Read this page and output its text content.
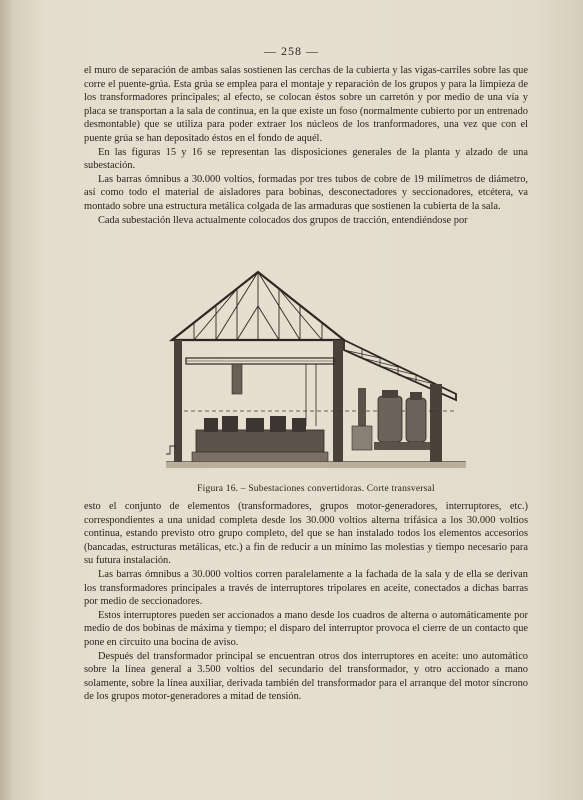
— 258 —

el muro de separación de ambas salas sostienen las cerchas de la cubierta y las vigas-carriles sobre las que corre el puente-grúa. Esta grúa se emplea para el montaje y reparación de los grupos y para la limpieza de los transformadores principales; al efecto, se colocan éstos sobre un carretón y por medio de una vía y placa se transportan a la sala de continua, en la que existe un foso (normalmente cubierto por un entrenado desmontable) que se utiliza para poder extraer los núcleos de los tranformadores, una vez que con el puente grúa se han depositado éstos en el fondo de aquél.

En las figuras 15 y 16 se representan las disposiciones generales de la planta y alzado de una subestación.

Las barras ómnibus a 30.000 voltios, formadas por tres tubos de cobre de 19 milímetros de diámetro, así como todo el material de aisladores para bobinas, desconectadores y seccionadores, etcétera, va montado sobre una estructura metálica colgada de las armaduras que sostienen la cubierta de la sala.

Cada subestación lleva actualmente colocados dos grupos de tracción, entendiéndose por

Figura 16. – Subestaciones convertidoras. Corte transversal

esto el conjunto de elementos (transformadores, grupos motor-generadores, interruptores, etc.) correspondientes a una unidad completa desde los 30.000 voltios alterna trifásica a los 30.000 voltios continua, estando previsto otro grupo completo, del que se han instalado todos los elementos accesorios (bancadas, estructuras metálicas, etc.) a fin de reducir a un mínimo las molestias y tiempo necesario para su futura instalación.

Las barras ómnibus a 30.000 voltios corren paralelamente a la fachada de la sala y de ella se derivan los transformadores principales a través de interruptores tripolares en aceite, conectados a dichas barras por medio de seccionadores.

Estos interruptores pueden ser accionados a mano desde los cuadros de alterna o automáticamente por medio de dos bobinas de máxima y tiempo; el disparo del interruptor provoca el cierre de un contacto que pone en circuito una bocina de aviso.

Después del transformador principal se encuentran otros dos interruptores en aceite: uno automático sobre la línea general a 3.500 voltios del secundario del transformador, y otro accionado a mano solamente, sobre la línea auxiliar, derivada también del transformador para el arranque del motor síncrono de los grupos motor-generadores a mitad de tensión.
